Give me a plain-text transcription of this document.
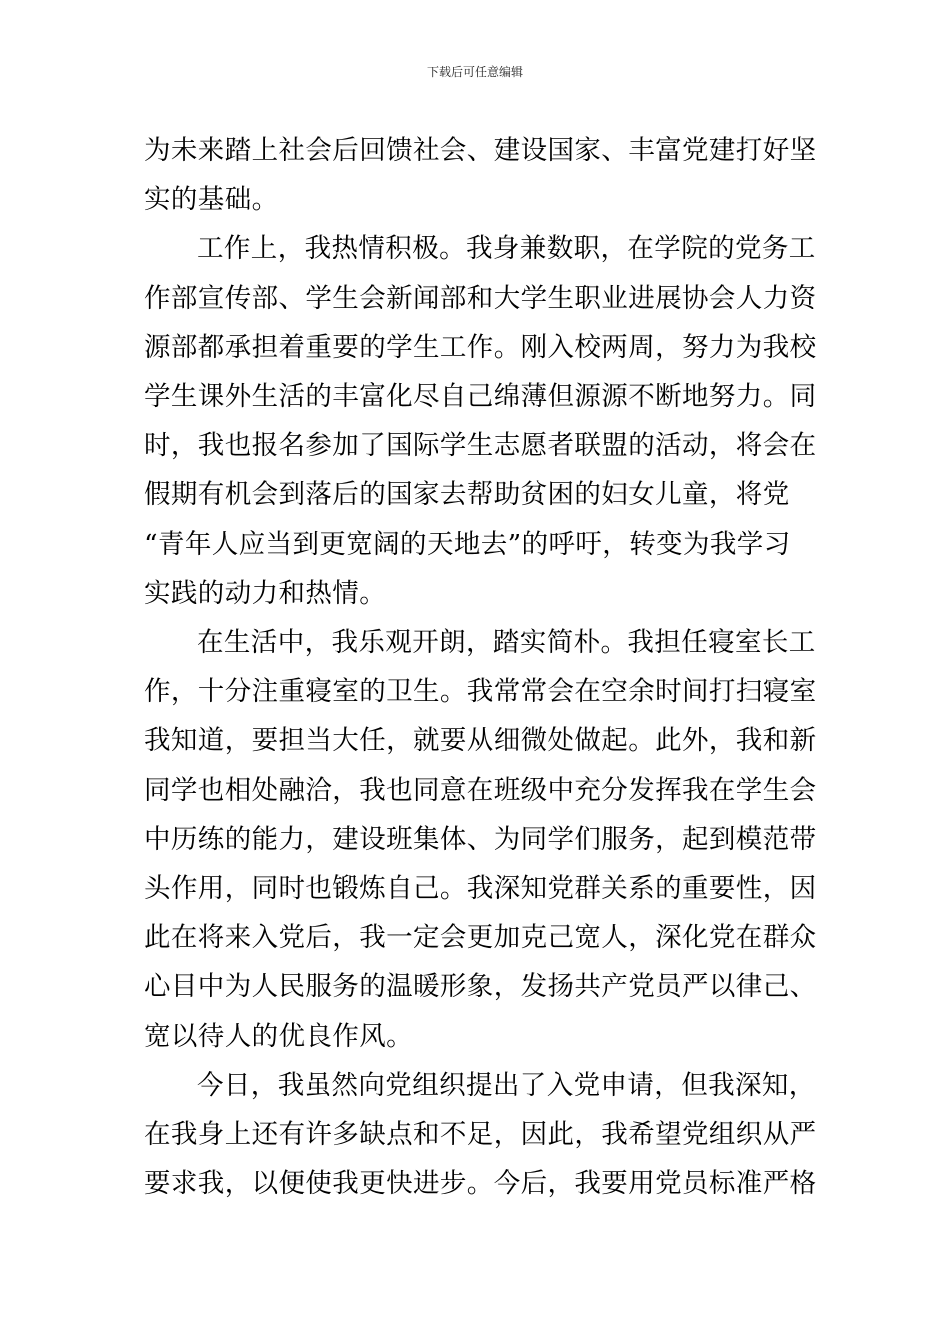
下载后可任意编辑

为未来踏上社会后回馈社会、建设国家、丰富党建打好坚
实的基础。

工作上，我热情积极。我身兼数职，在学院的党务工
作部宣传部、学生会新闻部和大学生职业进展协会人力资
源部都承担着重要的学生工作。刚入校两周，努力为我校
学生课外生活的丰富化尽自己绵薄但源源不断地努力。同
时，我也报名参加了国际学生志愿者联盟的活动，将会在
假期有机会到落后的国家去帮助贫困的妇女儿童，将党
“青年人应当到更宽阔的天地去”的呼吁，转变为我学习
实践的动力和热情。

在生活中，我乐观开朗，踏实简朴。我担任寝室长工
作，十分注重寝室的卫生。我常常会在空余时间打扫寝室
我知道，要担当大任，就要从细微处做起。此外，我和新
同学也相处融洽，我也同意在班级中充分发挥我在学生会
中历练的能力，建设班集体、为同学们服务，起到模范带
头作用，同时也锻炼自己。我深知党群关系的重要性，因
此在将来入党后，我一定会更加克己宽人，深化党在群众
心目中为人民服务的温暖形象，发扬共产党员严以律己、
宽以待人的优良作风。

今日，我虽然向党组织提出了入党申请，但我深知，
在我身上还有许多缺点和不足，因此，我希望党组织从严
要求我，以便使我更快进步。今后，我要用党员标准严格
